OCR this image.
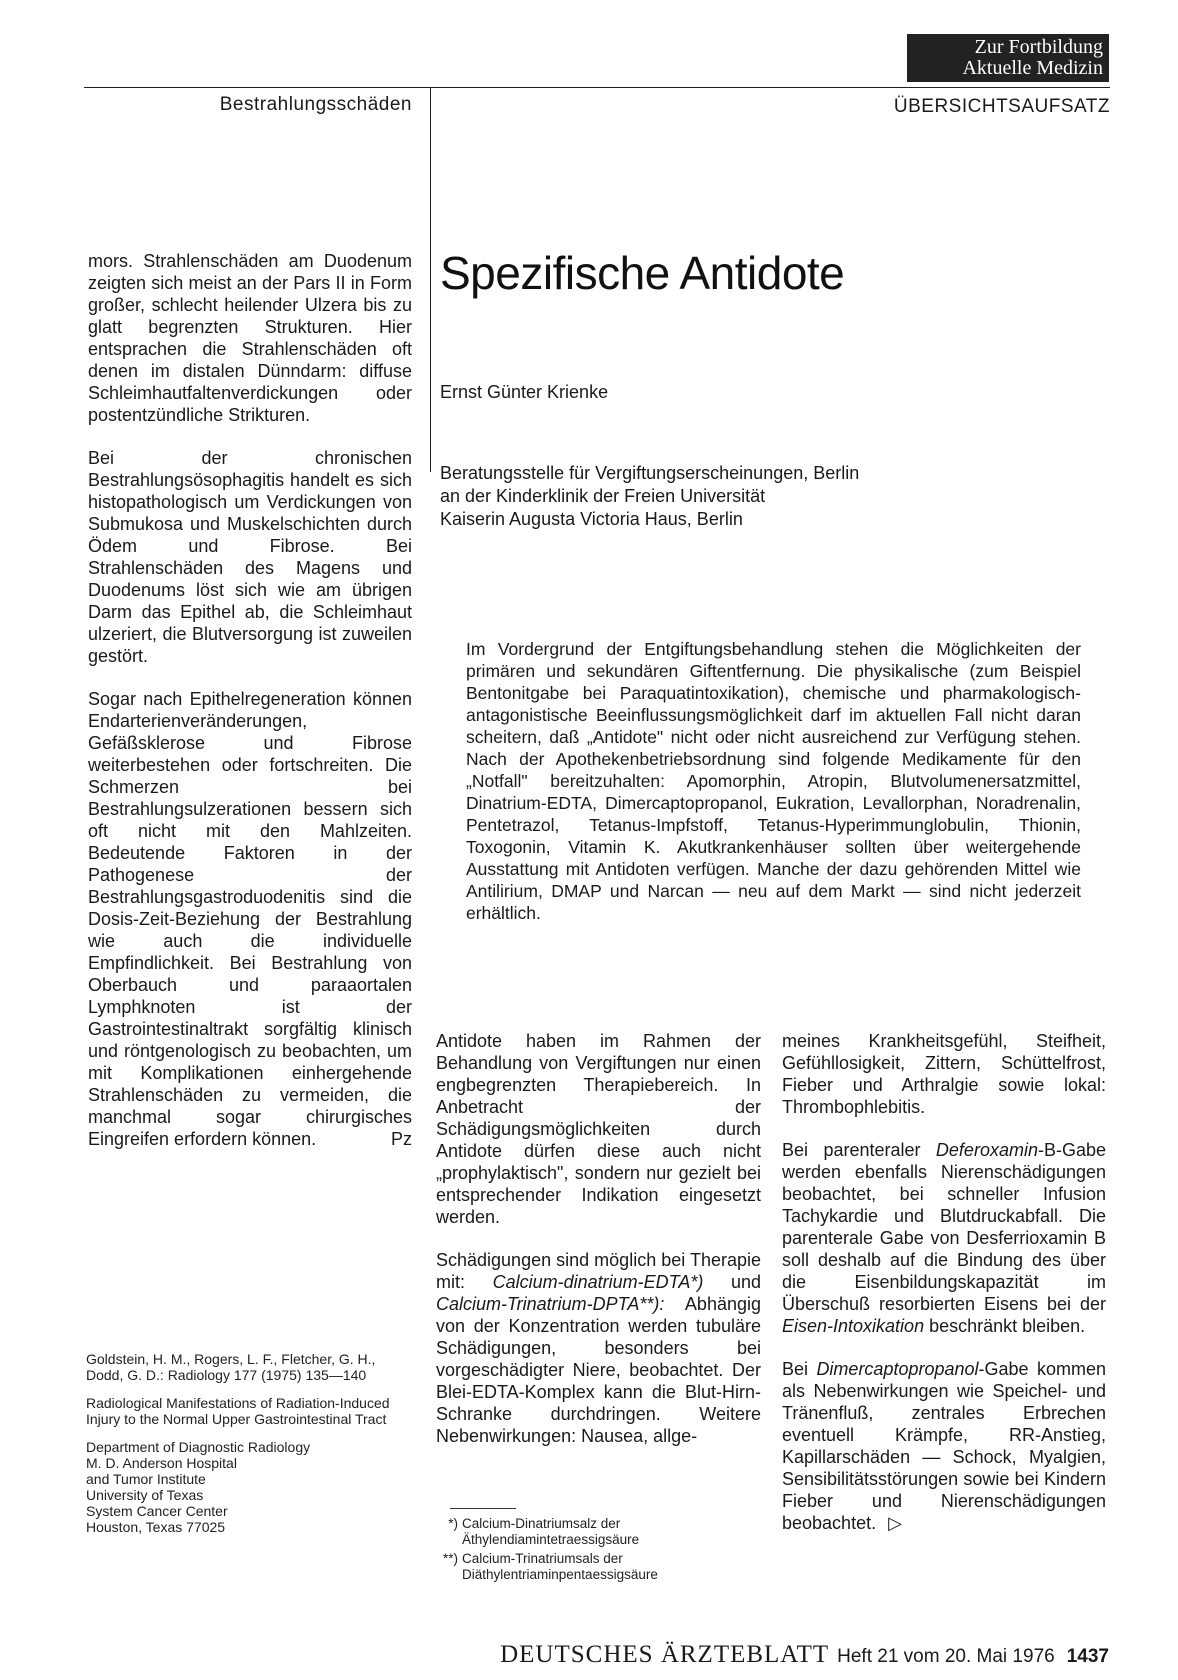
Zur Fortbildung
Aktuelle Medizin
Bestrahlungsschäden	ÜBERSICHTSAUFSATZ
Spezifische Antidote
Ernst Günter Krienke
Beratungsstelle für Vergiftungserscheinungen, Berlin
an der Kinderklinik der Freien Universität
Kaiserin Augusta Victoria Haus, Berlin

mors. Strahlenschäden am Duodenum zeigten sich meist an der Pars II in Form großer, schlecht heilender Ulzera bis zu glatt begrenzten Strukturen. Hier entsprachen die Strahlenschäden oft denen im distalen Dünndarm: diffuse Schleimhautfaltenverdickungen oder postentzündliche Strikturen.

Bei der chronischen Bestrahlungsösophagitis handelt es sich histopathologisch um Verdickungen von Submukosa und Muskelschichten durch Ödem und Fibrose. Bei Strahlenschäden des Magens und Duodenums löst sich wie am übrigen Darm das Epithel ab, die Schleimhaut ulzeriert, die Blutversorgung ist zuweilen gestört.

Sogar nach Epithelregeneration können Endarterienveränderungen, Gefäßsklerose und Fibrose weiterbestehen oder fortschreiten. Die Schmerzen bei Bestrahlungsulzerationen bessern sich oft nicht mit den Mahlzeiten. Bedeutende Faktoren in der Pathogenese der Bestrahlungsgastroduodenitis sind die Dosis-Zeit-Beziehung der Bestrahlung wie auch die individuelle Empfindlichkeit. Bei Bestrahlung von Oberbauch und paraaortalen Lymphknoten ist der Gastrointestinaltrakt sorgfältig klinisch und röntgenologisch zu beobachten, um mit Komplikationen einhergehende Strahlenschäden zu vermeiden, die manchmal sogar chirurgisches Eingreifen erfordern können.	Pz

Im Vordergrund der Entgiftungsbehandlung stehen die Möglichkeiten der primären und sekundären Giftentfernung. Die physikalische (zum Beispiel Bentonitgabe bei Paraquatintoxikation), chemische und pharmakologisch-antagonistische Beeinflussungsmöglichkeit darf im aktuellen Fall nicht daran scheitern, daß „Antidote" nicht oder nicht ausreichend zur Verfügung stehen. Nach der Apothekenbetriebsordnung sind folgende Medikamente für den „Notfall" bereitzuhalten: Apomorphin, Atropin, Blutvolumenersatzmittel, Dinatrium-EDTA, Dimercaptopropanol, Eukration, Levallorphan, Noradrenalin, Pentetrazol, Tetanus-Impfstoff, Tetanus-Hyperimmunglobulin, Thionin, Toxogonin, Vitamin K. Akutkrankenhäuser sollten über weitergehende Ausstattung mit Antidoten verfügen. Manche der dazu gehörenden Mittel wie Antilirium, DMAP und Narcan — neu auf dem Markt — sind nicht jederzeit erhältlich.

Goldstein, H. M., Rogers, L. F., Fletcher, G. H., Dodd, G. D.: Radiology 177 (1975) 135—140

Radiological Manifestations of Radiation-Induced Injury to the Normal Upper Gastrointestinal Tract

Department of Diagnostic Radiology
M. D. Anderson Hospital
and Tumor Institute
University of Texas
System Cancer Center
Houston, Texas 77025

Antidote haben im Rahmen der Behandlung von Vergiftungen nur einen engbegrenzten Therapiebereich. In Anbetracht der Schädigungsmöglichkeiten durch Antidote dürfen diese auch nicht „prophylaktisch", sondern nur gezielt bei entsprechender Indikation eingesetzt werden.

Schädigungen sind möglich bei Therapie mit: Calcium-dinatrium-EDTA*) und Calcium-Trinatrium-DPTA**): Abhängig von der Konzentration werden tubuläre Schädigungen, besonders bei vorgeschädigter Niere, beobachtet. Der Blei-EDTA-Komplex kann die Blut-Hirn-Schranke durchdringen. Weitere Nebenwirkungen: Nausea, allge-

*) Calcium-Dinatriumsalz der Äthylendiamintetraessigsäure
**) Calcium-Trinatriumsals der Diäthylentriaminpentaessigsäure

meines Krankheitsgefühl, Steifheit, Gefühllosigkeit, Zittern, Schüttelfrost, Fieber und Arthralgie sowie lokal: Thrombophlebitis.

Bei parenteraler Deferoxamin-B-Gabe werden ebenfalls Nierenschädigungen beobachtet, bei schneller Infusion Tachykardie und Blutdruckabfall. Die parenterale Gabe von Desferrioxamin B soll deshalb auf die Bindung des über die Eisenbildungskapazität im Überschuß resorbierten Eisens bei der Eisen-Intoxikation beschränkt bleiben.

Bei Dimercaptopropanol-Gabe kommen als Nebenwirkungen wie Speichel- und Tränenfluß, zentrales Erbrechen eventuell Krämpfe, RR-Anstieg, Kapillarschäden — Schock, Myalgien, Sensibilitätsstörungen sowie bei Kindern Fieber und Nierenschädigungen beobachtet. ▷

DEUTSCHES ÄRZTEBLATT Heft 21 vom 20. Mai 1976 1437
